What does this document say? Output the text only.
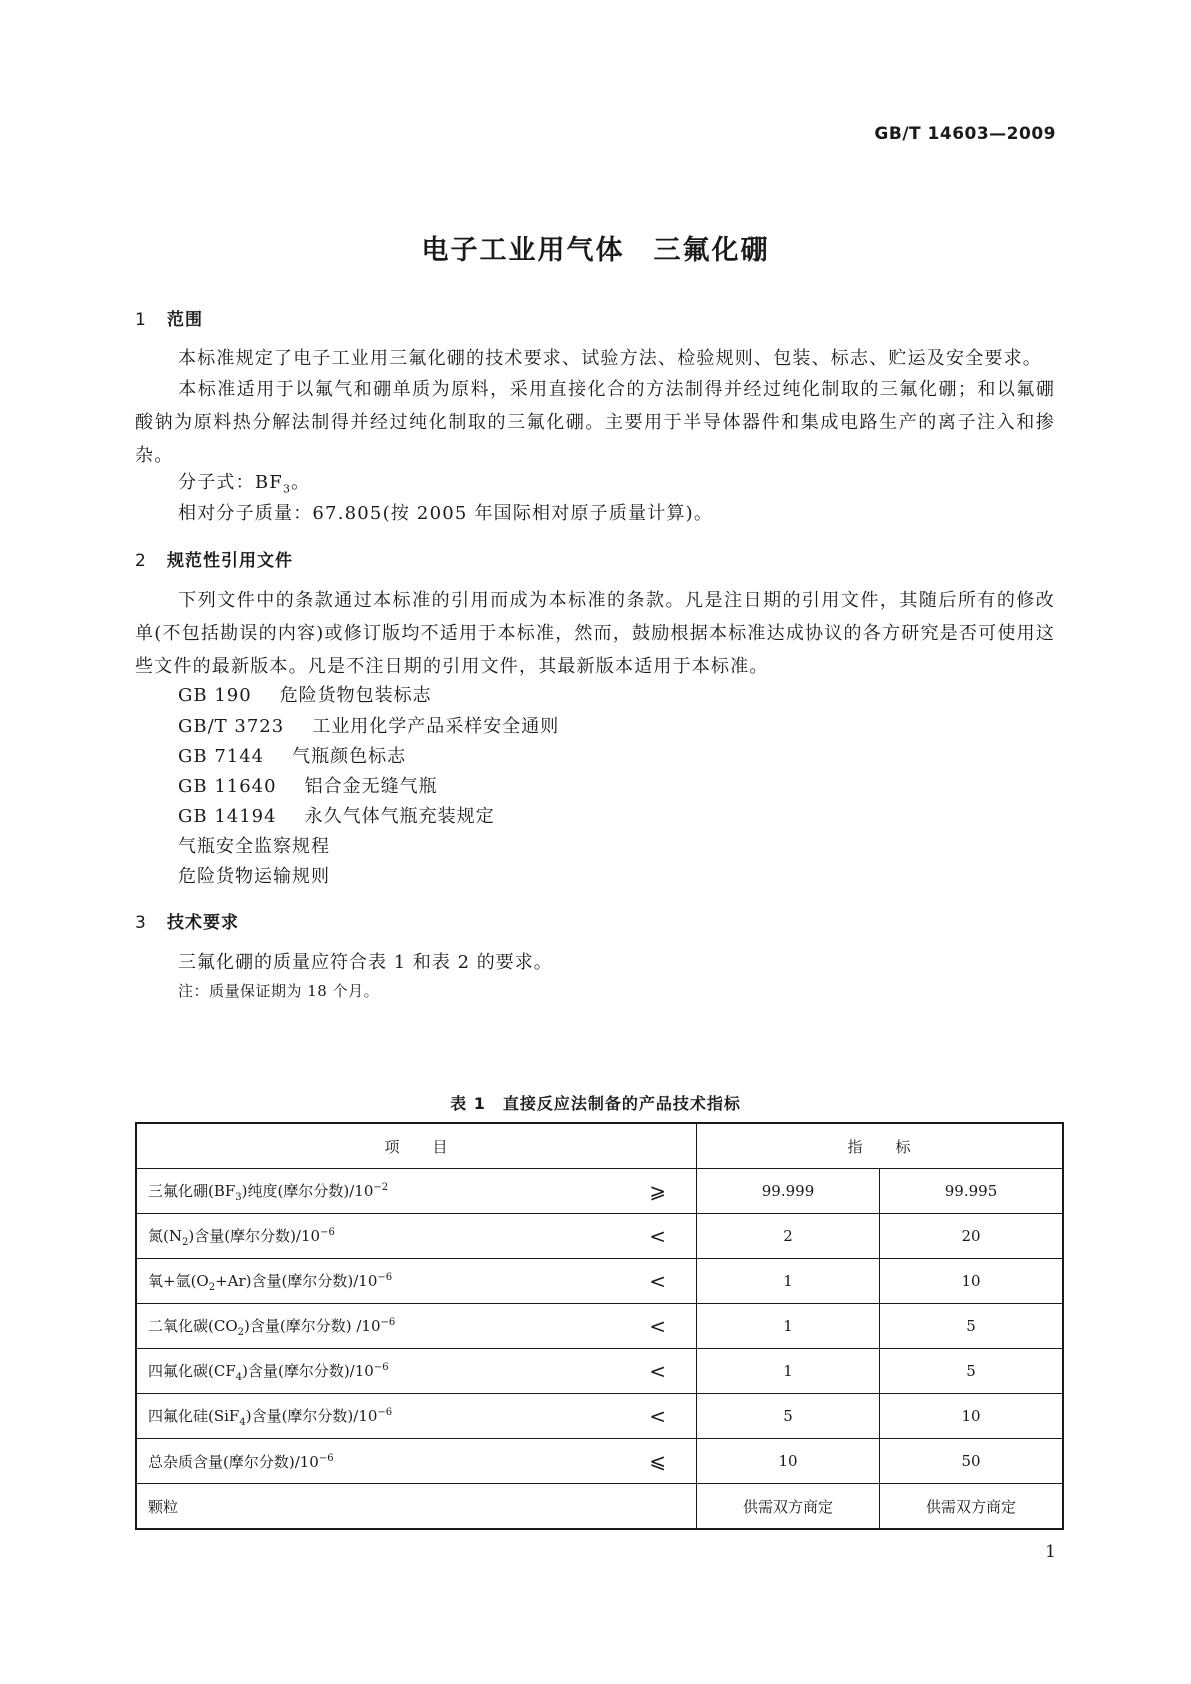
GB/T 14603—2009
电子工业用气体　三氟化硼
1 范围
本标准规定了电子工业用三氟化硼的技术要求、试验方法、检验规则、包装、标志、贮运及安全要求。
本标准适用于以氟气和硼单质为原料，采用直接化合的方法制得并经过纯化制取的三氟化硼；和以氟硼酸钠为原料热分解法制得并经过纯化制取的三氟化硼。主要用于半导体器件和集成电路生产的离子注入和掺杂。
分子式：$BF_3$。
相对分子质量：67.805(按 2005 年国际相对原子质量计算)。
2 规范性引用文件
下列文件中的条款通过本标准的引用而成为本标准的条款。凡是注日期的引用文件，其随后所有的修改单(不包括勘误的内容)或修订版均不适用于本标准，然而，鼓励根据本标准达成协议的各方研究是否可使用这些文件的最新版本。凡是不注日期的引用文件，其最新版本适用于本标准。
GB 190 危险货物包装标志
GB/T 3723 工业用化学产品采样安全通则
GB 7144 气瓶颜色标志
GB 11640 铝合金无缝气瓶
GB 14194 永久气体气瓶充装规定
气瓶安全监察规程
危险货物运输规则
3 技术要求
三氟化硼的质量应符合表 1 和表 2 的要求。
注：质量保证期为 18 个月。
表 1　直接反应法制备的产品技术指标
项　　目	指　　标	
三氟化硼$(BF_3)$纯度(摩尔分数)$/10^{-2}$ ⩾	99.999	99.995
氮$(N_2)$含量(摩尔分数)$/10^{-6}$ <	2	20
氧+氩$(O_2+Ar)$含量(摩尔分数)$/10^{-6}$ <	1	10
二氧化碳$(CO_2)$含量(摩尔分数) $/10^{-6}$ <	1	5
四氟化碳$(CF_4)$含量(摩尔分数)$/10^{-6}$ <	1	5
四氟化硅(SiF$_4$)含量(摩尔分数)$/10^{-6}$ <	5	10
总杂质含量(摩尔分数)$/10^{-6}$ ⩽	10	50
颗粒	供需双方商定	供需双方商定
1
